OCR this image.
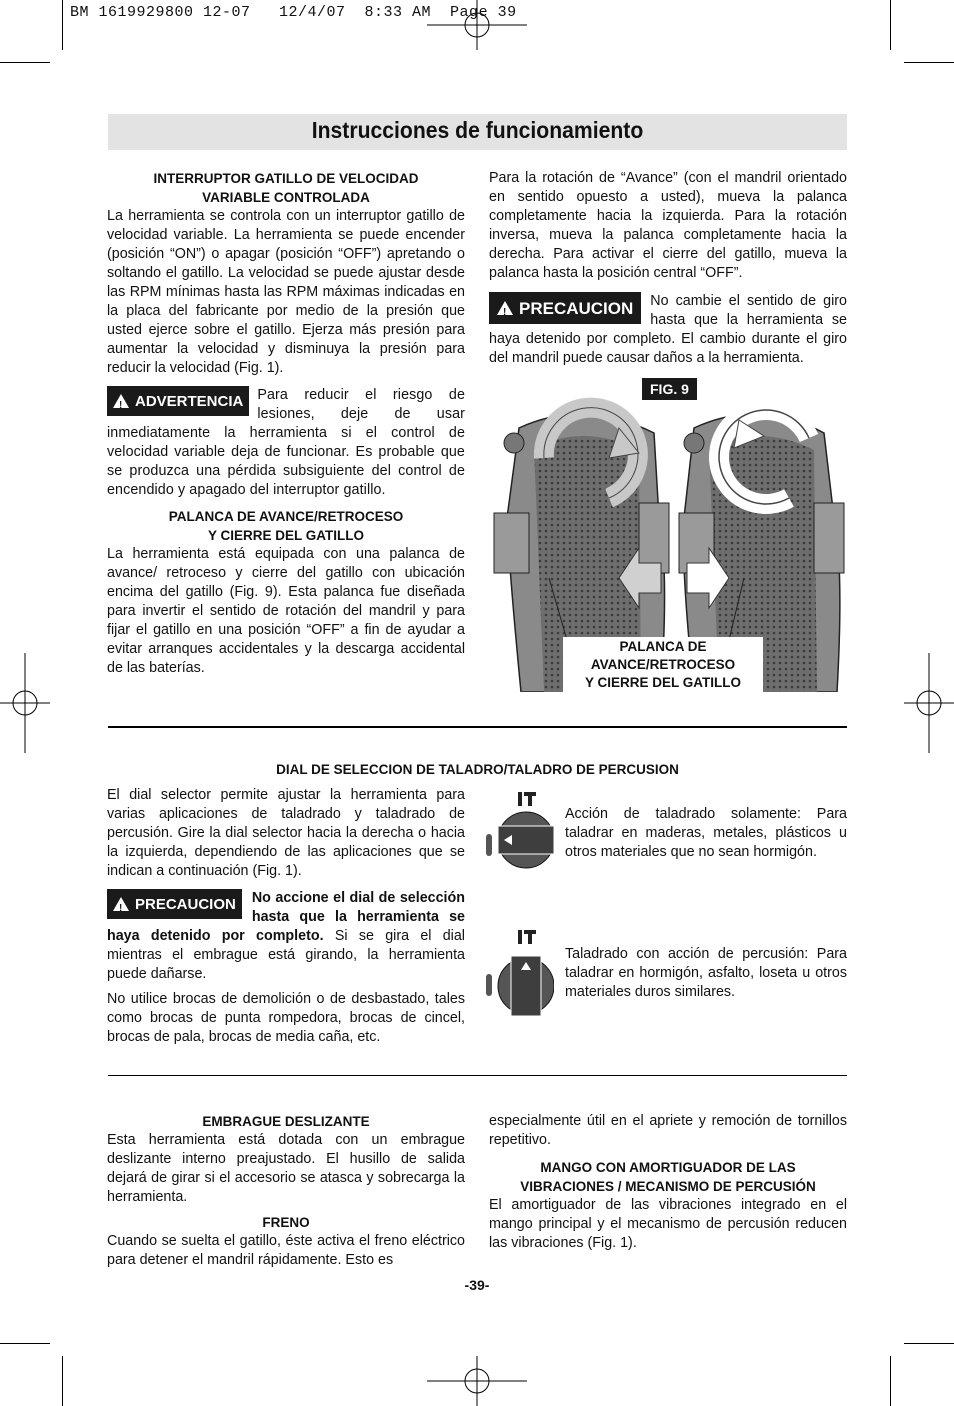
BM 1619929800 12-07   12/4/07  8:33 AM  Page 39
Instrucciones de funcionamiento
INTERRUPTOR GATILLO DE VELOCIDAD
VARIABLE CONTROLADA

La herramienta se controla con un interruptor gatillo de velocidad variable. La herramienta se puede encender (posición “ON”) o apagar (posición “OFF”) apretando o soltando el gatillo. La velocidad se puede ajustar desde las RPM mínimas hasta las RPM máximas indicadas en la placa del fabricante por medio de la presión que usted ejerce sobre el gatillo. Ejerza más presión para aumentar la velocidad y disminuya la presión para reducir la velocidad (Fig. 1).

! ADVERTENCIA Para reducir el riesgo de lesiones, deje de usar inmediatamente la herramienta si el control de velocidad variable deja de funcionar. Es probable que se produzca una pérdida subsiguiente del control de encendido y apagado del interruptor gatillo.

PALANCA DE AVANCE/RETROCESO
Y CIERRE DEL GATILLO

La herramienta está equipada con una palanca de avance/ retroceso y cierre del gatillo con ubicación encima del gatillo (Fig. 9). Esta palanca fue diseñada para invertir el sentido de rotación del mandril y para fijar el gatillo en una posición “OFF” a fin de ayudar a evitar arranques accidentales y la descarga accidental de las baterías.

Para la rotación de “Avance” (con el mandril orientado en sentido opuesto a usted), mueva la palanca completamente hacia la izquierda. Para la rotación inversa, mueva la palanca completamente hacia la derecha. Para activar el cierre del gatillo, mueva la palanca hasta la posición central “OFF”.

! PRECAUCION	No cambie el sentido de giro hasta que la herramienta se haya detenido por completo. El cambio durante el giro del mandril puede causar daños a la herramienta.

FIG. 9
PALANCA DE AVANCE/RETROCESO
Y CIERRE DEL GATILLO
DIAL DE SELECCION DE TALADRO/TALADRO DE PERCUSION

El dial selector permite ajustar la herramienta para varias aplicaciones de taladrado y taladrado de percusión. Gire la dial selector hacia la derecha o hacia la izquierda, dependiendo de las aplicaciones que se indican a continuación (Fig. 1).

! PRECAUCION	No accione el dial de selección hasta que la herramienta se haya detenido por completo. Si se gira el dial mientras el embrague está girando, la herramienta puede dañarse.

No utilice brocas de demolición o de desbastado, tales como brocas de punta rompedora, brocas de cincel, brocas de pala, brocas de media caña, etc.

Acción de taladrado solamente: Para taladrar en maderas, metales, plásticos u otros materiales que no sean hormigón.
Taladrado con acción de percusión: Para taladrar en hormigón, asfalto, loseta u otros materiales duros similares.
EMBRAGUE DESLIZANTE

Esta herramienta está dotada con un embrague deslizante interno preajustado. El husillo de salida dejará de girar si el accesorio se atasca y sobrecarga la herramienta.

FRENO

Cuando se suelta el gatillo, éste activa el freno eléctrico para detener el mandril rápidamente. Esto es

especialmente útil en el apriete y remoción de tornillos repetitivo.

MANGO CON AMORTIGUADOR DE LAS
VIBRACIONES / MECANISMO DE PERCUSIÓN

El amortiguador de las vibraciones integrado en el mango principal y el mecanismo de percusión reducen las vibraciones (Fig. 1).

-39-
